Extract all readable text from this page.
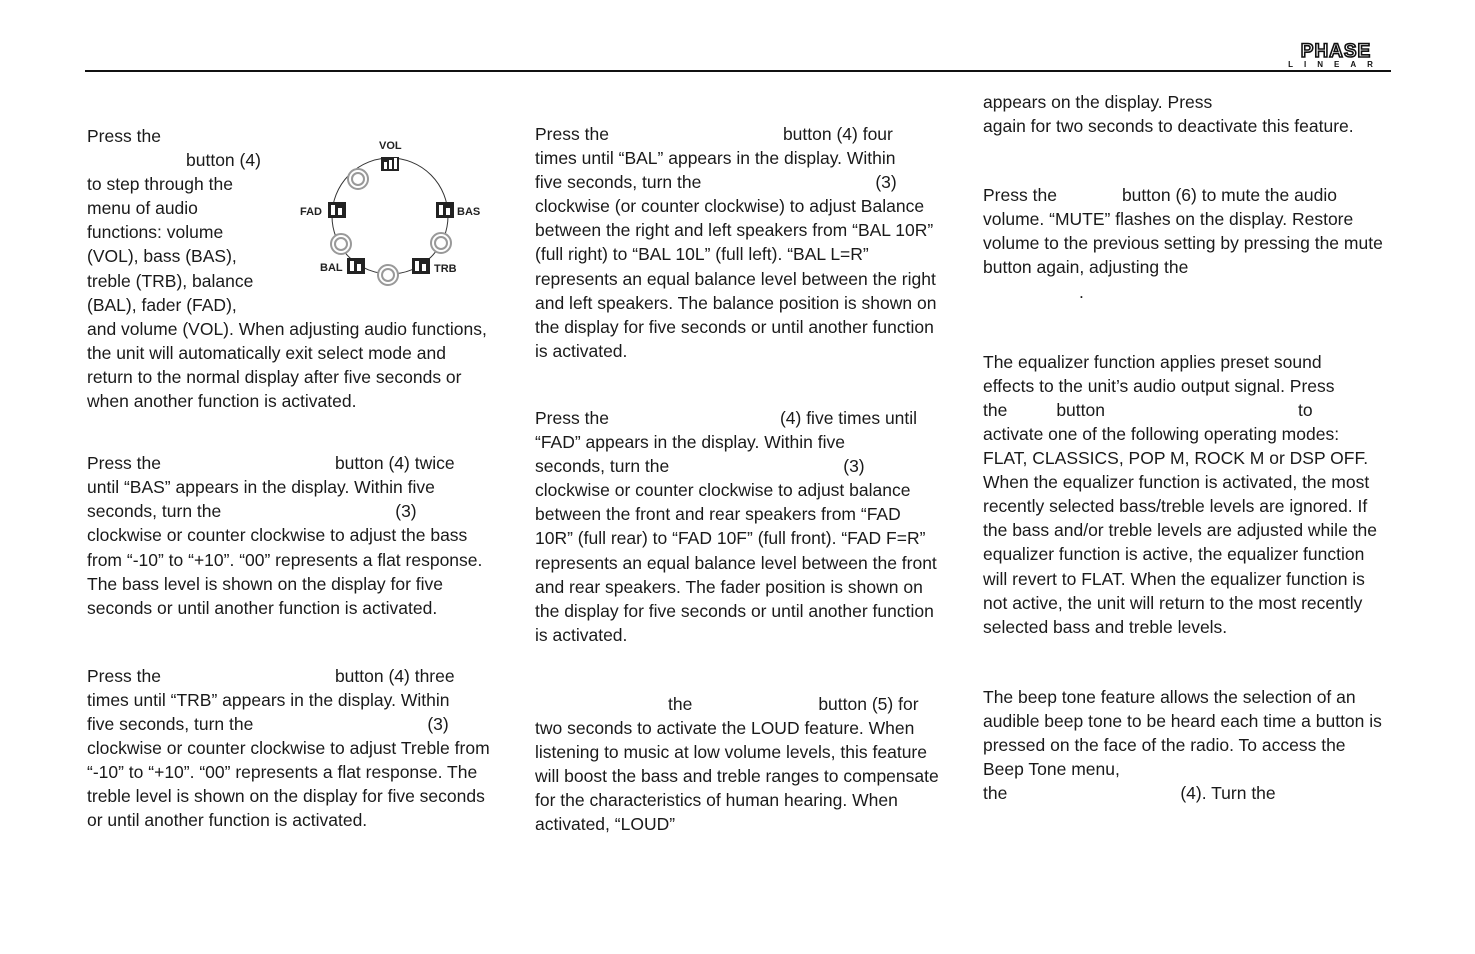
PHASE
LINEAR
VOL
BAS
TRB
BAL
FAD

Press the

button (4)

to step through the

menu of audio

functions: volume

(VOL), bass (BAS),

treble (TRB), balance

(BAL), fader (FAD),

and volume (VOL). When adjusting audio functions, the unit will automatically exit select mode and return to the normal display after five seconds or when another function is activated.

Press the	button (4) twice

until “BAS” appears in the display. Within five

seconds, turn the	(3)

clockwise or counter clockwise to adjust the bass from “-10” to “+10”. “00” represents a flat response. The bass level is shown on the display for five seconds or until another function is activated.

Press the	button (4) three

times until “TRB” appears in the display. Within

five seconds, turn the	(3)

clockwise or counter clockwise to adjust Treble from “-10” to “+10”. “00” represents a flat response. The treble level is shown on the display for five seconds or until another function is activated.

Press the	button (4) four

times until “BAL” appears in the display. Within

five seconds, turn the	(3)

clockwise (or counter clockwise) to adjust Balance between the right and left speakers from “BAL 10R” (full right) to “BAL 10L” (full left). “BAL L=R” represents an equal balance level between the right and left speakers. The balance position is shown on the display for five seconds or until another function is activated.

Press the	(4) five times until

“FAD” appears in the display. Within five

seconds, turn the	(3)

clockwise or counter clockwise to adjust balance between the front and rear speakers from “FAD 10R” (full rear) to “FAD 10F” (full front). “FAD F=R” represents an equal balance level between the front and rear speakers. The fader position is shown on the display for five seconds or until another function is activated.

the	button (5) for

two seconds to activate the LOUD feature. When listening to music at low volume levels, this feature will boost the bass and treble ranges to compensate for the characteristics of human hearing. When activated, “LOUD”

appears on the display. Press

again for two seconds to deactivate this feature.

Press the	button (6) to mute the audio

volume. “MUTE” flashes on the display. Restore volume to the previous setting by pressing the mute button again, adjusting the

.

The equalizer function applies preset sound

effects to the unit’s audio output signal. Press

the	button	to

activate one of the following operating modes: FLAT, CLASSICS, POP M, ROCK M or DSP OFF. When the equalizer function is activated, the most recently selected bass/treble levels are ignored. If the bass and/or treble levels are adjusted while the equalizer function is active, the equalizer function will revert to FLAT. When the equalizer function is not active, the unit will return to the most recently selected bass and treble levels.

The beep tone feature allows the selection of an audible beep tone to be heard each time a button is pressed on the face of the radio. To access the Beep Tone menu,

the	(4). Turn the
